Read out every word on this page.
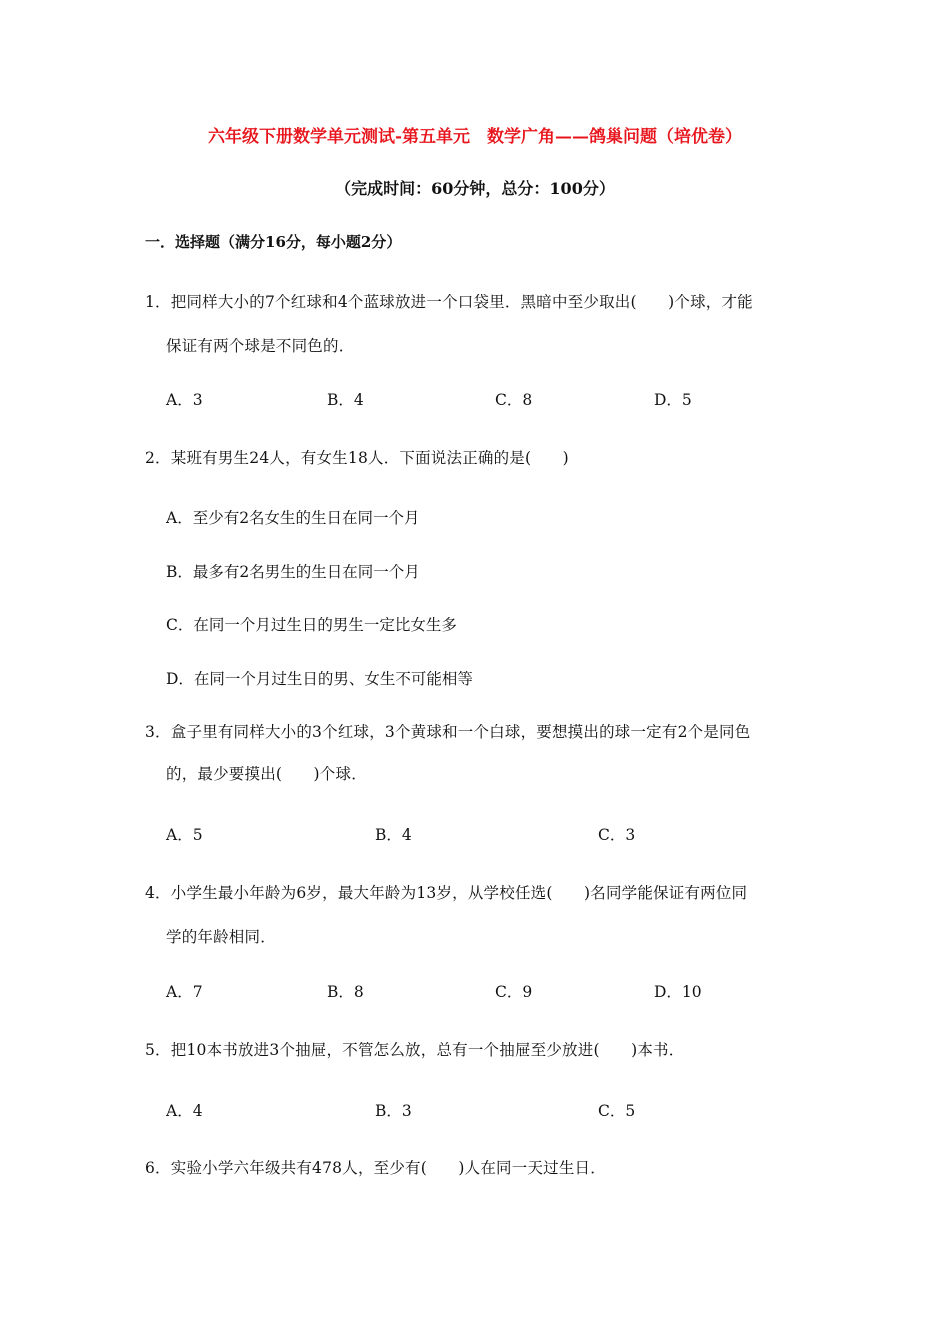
六年级下册数学单元测试-第五单元　数学广角——鸽巢问题（培优卷）
（完成时间：60分钟，总分：100分）
一．选择题（满分16分，每小题2分）
1．把同样大小的7个红球和4个蓝球放进一个口袋里．黑暗中至少取出(　　)个球，才能
保证有两个球是不同色的．
A．3	B．4	C．8	D．5
2．某班有男生24人，有女生18人．下面说法正确的是(　　)
A．至少有2名女生的生日在同一个月
B．最多有2名男生的生日在同一个月
C．在同一个月过生日的男生一定比女生多
D．在同一个月过生日的男、女生不可能相等
3．盒子里有同样大小的3个红球，3个黄球和一个白球，要想摸出的球一定有2个是同色
的，最少要摸出(　　)个球．
A．5	B．4	C．3
4．小学生最小年龄为6岁，最大年龄为13岁，从学校任选(　　)名同学能保证有两位同
学的年龄相同．
A．7	B．8	C．9	D．10
5．把10本书放进3个抽屉，不管怎么放，总有一个抽屉至少放进(　　)本书．
A．4	B．3	C．5
6．实验小学六年级共有478人，至少有(　　)人在同一天过生日．
